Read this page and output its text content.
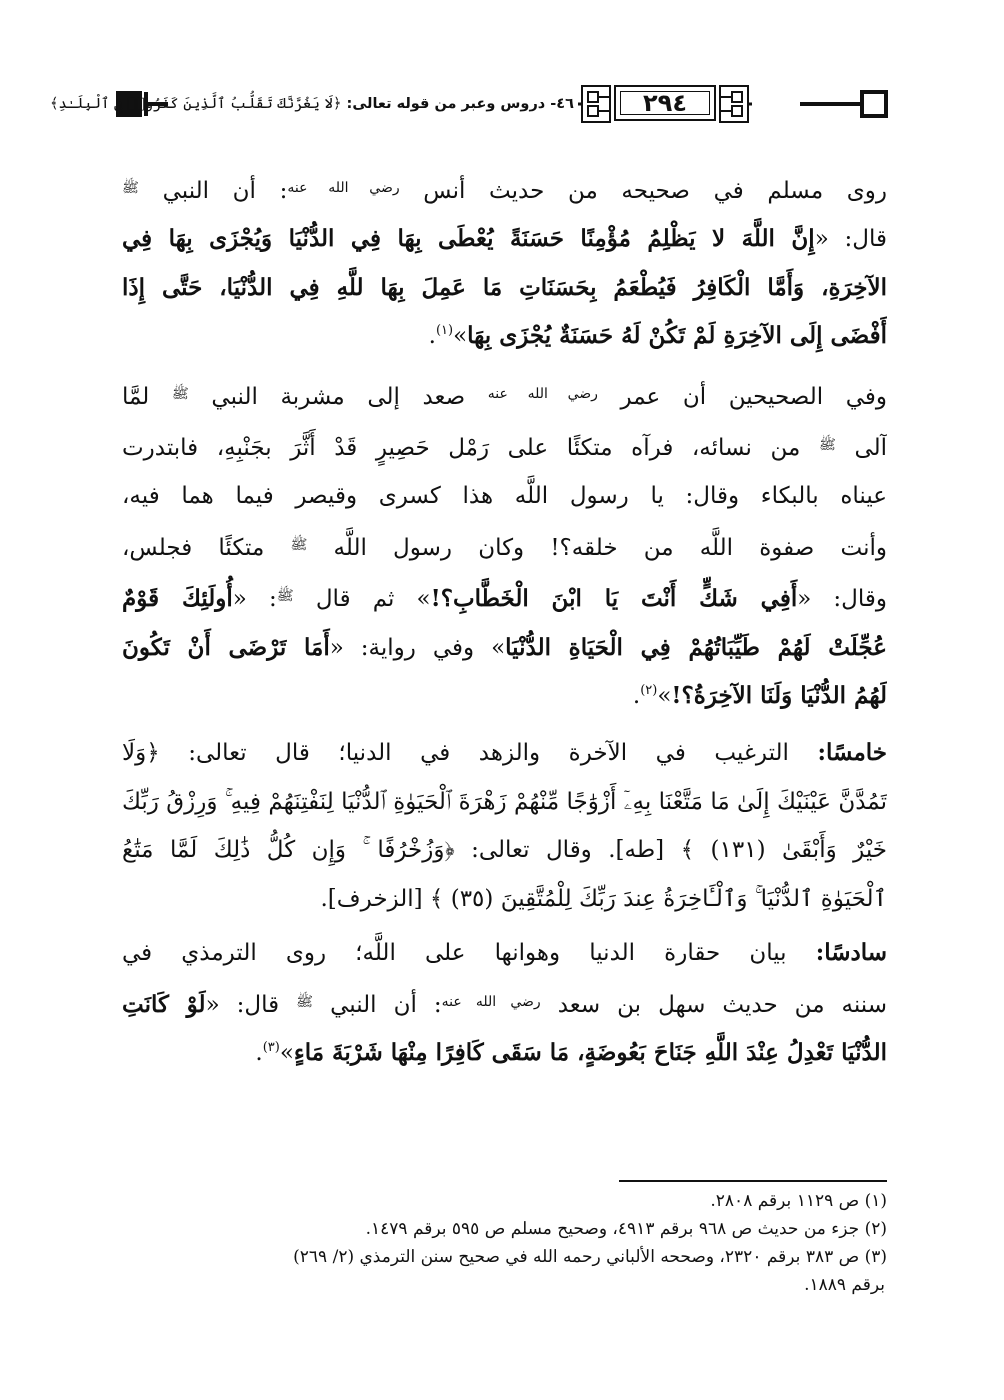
٤٦- دروس وعبر من قوله تعالى: ﴿لَا يَغُرَّنَّكَ تَقَلُّبُ ٱلَّذِينَ كَفَرُوا۟ فِى ٱلْبِلَـٰدِ﴾	٢٩٤

روى مسلم في صحيحه من حديث أنس $^{رضي الله عنه}$: أن النبي $^ﷺ$
قال: «إِنَّ اللَّهَ لا يَظْلِمُ مُؤْمِنًا حَسَنَةً يُعْطَى بِهَا فِي الدُّنْيَا وَيُجْزَى بِهَا فِي
الآخِرَةِ، وَأَمَّا الْكَافِرُ فَيُطْعَمُ بِحَسَنَاتِ مَا عَمِلَ بِهَا للَّهِ فِي الدُّنْيَا، حَتَّى إِذَا
أَفْضَى إِلَى الآخِرَةِ لَمْ تَكُنْ لَهُ حَسَنَةٌ يُجْزَى بِهَا»$^{(١)}$.

وفي الصحيحين أن عمر $^{رضي الله عنه}$ صعد إلى مشربة النبي $^ﷺ$ لمَّا
آلى $^ﷺ$ من نسائه، فرآه متكئًا على رَمْل حَصِيرٍ قَدْ أَثَّرَ بجَنْبِهِ، فابتدرت
عيناه بالبكاء وقال: يا رسول اللَّه هذا كسرى وقيصر فيما هما فيه،
وأنت صفوة اللَّه من خلقه؟! وكان رسول اللَّه $^ﷺ$ متكئًا فجلس،
وقال: «أَفِي شَكٍّ أَنْتَ يَا ابْنَ الْخَطَّابِ؟!» ثم قال $^ﷺ$: «أُولَئِكَ قَوْمٌ
عُجِّلَتْ لَهُمْ طَيِّبَاتُهُمْ فِي الْحَيَاةِ الدُّنْيَا» وفي رواية: «أَمَا تَرْضَى أَنْ تَكُونَ
لَهُمُ الدُّنْيَا وَلَنَا الآخِرَةُ؟!»$^{(٢)}$.

خامسًا: الترغيب في الآخرة والزهد في الدنيا؛ قال تعالى: ﴿وَلَا
تَمُدَّنَّ عَيْنَيْكَ إِلَىٰ مَا مَتَّعْنَا بِهِۦٓ أَزْوَٰجًا مِّنْهُمْ زَهْرَةَ ٱلْحَيَوٰةِ ٱلدُّنْيَا لِنَفْتِنَهُمْ فِيهِ ۚ وَرِزْقُ رَبِّكَ
خَيْرٌ وَأَبْقَىٰ (١٣١) ﴾ [طه]. وقال تعالى: ﴿وَزُخْرُفًا ۚ وَإِن كُلُّ ذَٰلِكَ لَمَّا مَتَٰعُ
ٱلْحَيَوٰةِ ٱلدُّنْيَا ۚ وَٱلْـَٔاخِرَةُ عِندَ رَبِّكَ لِلْمُتَّقِينَ (٣٥) ﴾ [الزخرف].

سادسًا: بيان حقارة الدنيا وهوانها على اللَّه؛ روى الترمذي في
سننه من حديث سهل بن سعد $^{رضي الله عنه}$: أن النبي $^ﷺ$ قال: «لَوْ كَانَتِ
الدُّنْيَا تَعْدِلُ عِنْدَ اللَّهِ جَنَاحَ بَعُوضَةٍ، مَا سَقَى كَافِرًا مِنْهَا شَرْبَةَ مَاءٍ»$^{(٣)}$.

(١) ص ١١٢٩ برقم ٢٨٠٨.
(٢) جزء من حديث ص ٩٦٨ برقم ٤٩١٣، وصحيح مسلم ص ٥٩٥ برقم ١٤٧٩.
(٣) ص ٣٨٣ برقم ٢٣٢٠، وصححه الألباني رحمه الله في صحيح سنن الترمذي (٢/ ٢٦٩)
برقم ١٨٨٩.
